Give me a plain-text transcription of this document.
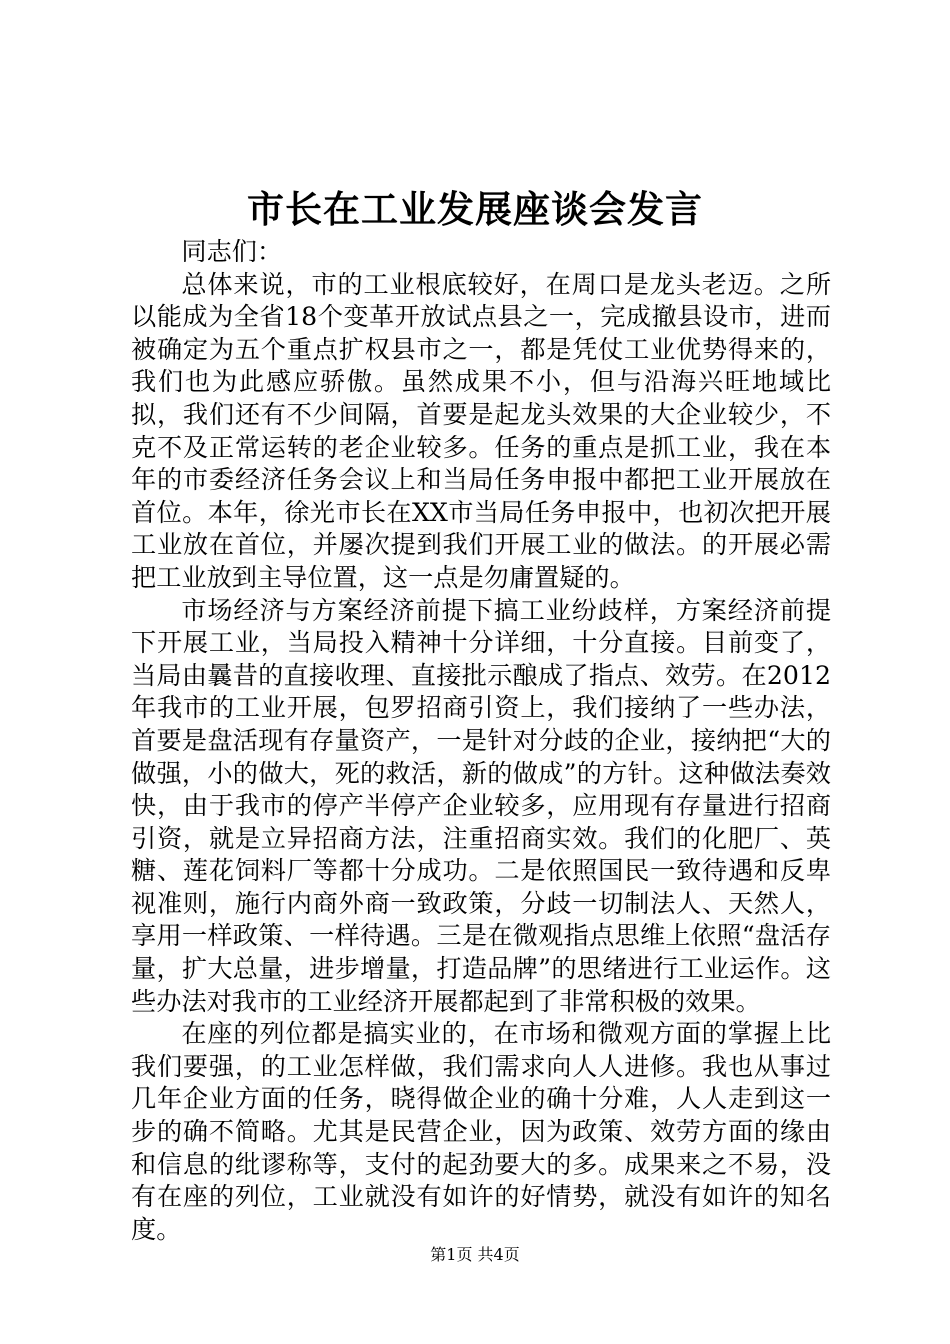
市长在工业发展座谈会发言

同志们：

总体来说，市的工业根底较好，在周口是龙头老迈。之所以能成为全省18个变革开放试点县之一，完成撤县设市，进而被确定为五个重点扩权县市之一，都是凭仗工业优势得来的，我们也为此感应骄傲。虽然成果不小，但与沿海兴旺地域比拟，我们还有不少间隔，首要是起龙头效果的大企业较少，不克不及正常运转的老企业较多。任务的重点是抓工业，我在本年的市委经济任务会议上和当局任务申报中都把工业开展放在首位。本年，徐光市长在XX市当局任务申报中，也初次把开展工业放在首位，并屡次提到我们开展工业的做法。的开展必需把工业放到主导位置，这一点是勿庸置疑的。

市场经济与方案经济前提下搞工业纷歧样，方案经济前提下开展工业，当局投入精神十分详细，十分直接。目前变了，当局由曩昔的直接收理、直接批示酿成了指点、效劳。在2012年我市的工业开展，包罗招商引资上，我们接纳了一些办法，首要是盘活现有存量资产，一是针对分歧的企业，接纳把“大的做强，小的做大，死的救活，新的做成”的方针。这种做法奏效快，由于我市的停产半停产企业较多，应用现有存量进行招商引资，就是立异招商方法，注重招商实效。我们的化肥厂、英糖、莲花饲料厂等都十分成功。二是依照国民一致待遇和反卑视准则，施行内商外商一致政策，分歧一切制法人、天然人，享用一样政策、一样待遇。三是在微观指点思维上依照“盘活存量，扩大总量，进步增量，打造品牌”的思绪进行工业运作。这些办法对我市的工业经济开展都起到了非常积极的效果。

在座的列位都是搞实业的，在市场和微观方面的掌握上比我们要强，的工业怎样做，我们需求向人人进修。我也从事过几年企业方面的任务，晓得做企业的确十分难，人人走到这一步的确不简略。尤其是民营企业，因为政策、效劳方面的缘由和信息的纰谬称等，支付的起劲要大的多。成果来之不易，没有在座的列位，工业就没有如许的好情势，就没有如许的知名度。

第1页 共4页
